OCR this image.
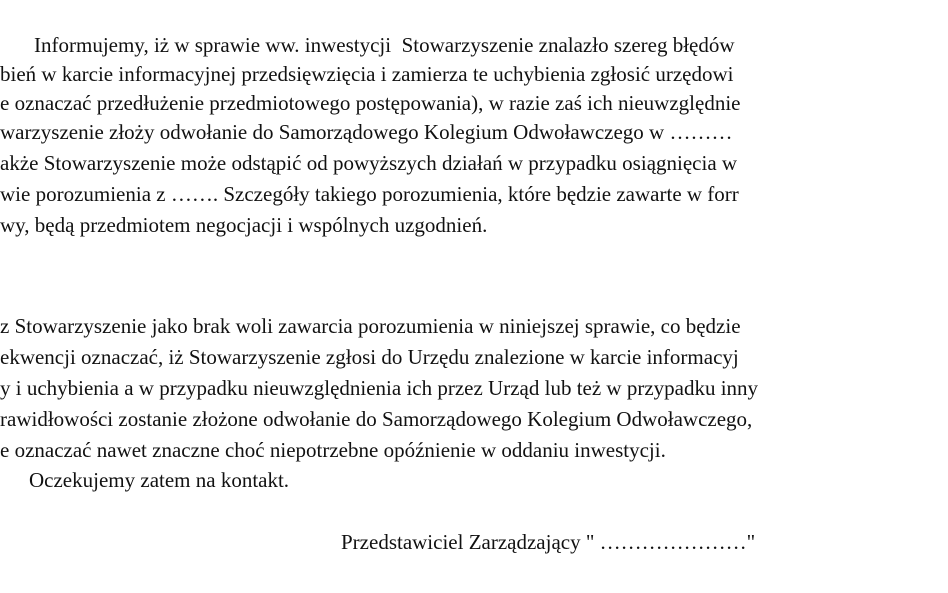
Informujemy, iż w sprawie ww. inwestycji  Stowarzyszenie znalazło szereg błędów
bień w karcie informacyjnej przedsięwzięcia i zamierza te uchybienia zgłosić urzędowi
e oznaczać przedłużenie przedmiotowego postępowania), w razie zaś ich nieuwzględnie
warzyszenie złoży odwołanie do Samorządowego Kolegium Odwoławczego w ………
akże Stowarzyszenie może odstąpić od powyższych działań w przypadku osiągnięcia w
wie porozumienia z ……. Szczegóły takiego porozumienia, które będzie zawarte w forr
wy, będą przedmiotem negocjacji i wspólnych uzgodnień.

z Stowarzyszenie jako brak woli zawarcia porozumienia w niniejszej sprawie, co będzie
ekwencji oznaczać, iż Stowarzyszenie zgłosi do Urzędu znalezione w karcie informacyj
y i uchybienia a w przypadku nieuwzględnienia ich przez Urząd lub też w przypadku inny
rawidłowości zostanie złożone odwołanie do Samorządowego Kolegium Odwoławczego,
e oznaczać nawet znaczne choć niepotrzebne opóźnienie w oddaniu inwestycji.
Oczekujemy zatem na kontakt.
Przedstawiciel Zarządzający " …………………"
